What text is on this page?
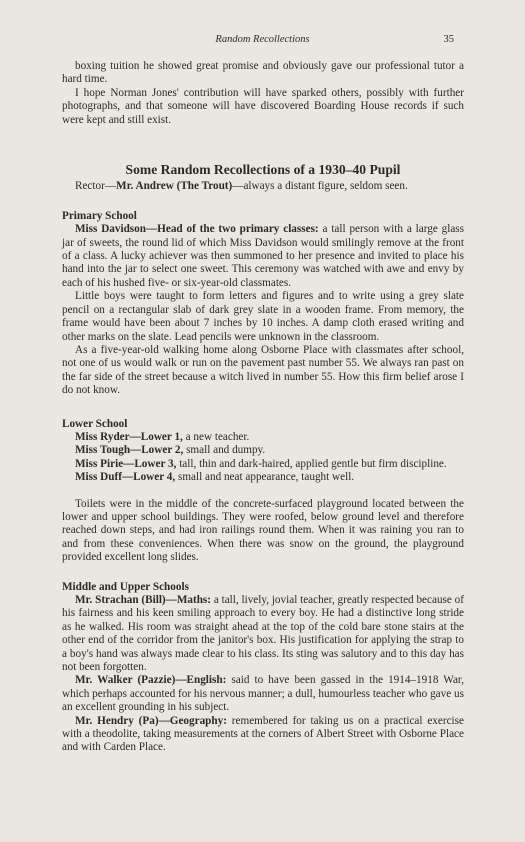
Random Recollections	35

boxing tuition he showed great promise and obviously gave our professional tutor a hard time.

I hope Norman Jones' contribution will have sparked others, possibly with further photographs, and that someone will have discovered Boarding House records if such were kept and still exist.

Some Random Recollections of a 1930–40 Pupil

Rector—Mr. Andrew (The Trout)—always a distant figure, seldom seen.

Primary School

Miss Davidson—Head of the two primary classes: a tall person with a large glass jar of sweets, the round lid of which Miss Davidson would smilingly remove at the front of a class. A lucky achiever was then summoned to her presence and invited to place his hand into the jar to select one sweet. This ceremony was watched with awe and envy by each of his hushed five- or six-year-old classmates.

Little boys were taught to form letters and figures and to write using a grey slate pencil on a rectangular slab of dark grey slate in a wooden frame. From memory, the frame would have been about 7 inches by 10 inches. A damp cloth erased writing and other marks on the slate. Lead pencils were unknown in the classroom.

As a five-year-old walking home along Osborne Place with classmates after school, not one of us would walk or run on the pavement past number 55. We always ran past on the far side of the street because a witch lived in number 55. How this firm belief arose I do not know.

Lower School

Miss Ryder—Lower 1, a new teacher.

Miss Tough—Lower 2, small and dumpy.

Miss Pirie—Lower 3, tall, thin and dark-haired, applied gentle but firm discipline.

Miss Duff—Lower 4, small and neat appearance, taught well.

Toilets were in the middle of the concrete-surfaced playground located between the lower and upper school buildings. They were roofed, below ground level and therefore reached down steps, and had iron railings round them. When it was raining you ran to and from these conveniences. When there was snow on the ground, the playground provided excellent long slides.

Middle and Upper Schools

Mr. Strachan (Bill)—Maths: a tall, lively, jovial teacher, greatly respected because of his fairness and his keen smiling approach to every boy. He had a distinctive long stride as he walked. His room was straight ahead at the top of the cold bare stone stairs at the other end of the corridor from the janitor's box. His justification for applying the strap to a boy's hand was always made clear to his class. Its sting was salutory and to this day has not been forgotten.

Mr. Walker (Pazzie)—English: said to have been gassed in the 1914–1918 War, which perhaps accounted for his nervous manner; a dull, humourless teacher who gave us an excellent grounding in his subject.

Mr. Hendry (Pa)—Geography: remembered for taking us on a practical exercise with a theodolite, taking measurements at the corners of Albert Street with Osborne Place and with Carden Place.
